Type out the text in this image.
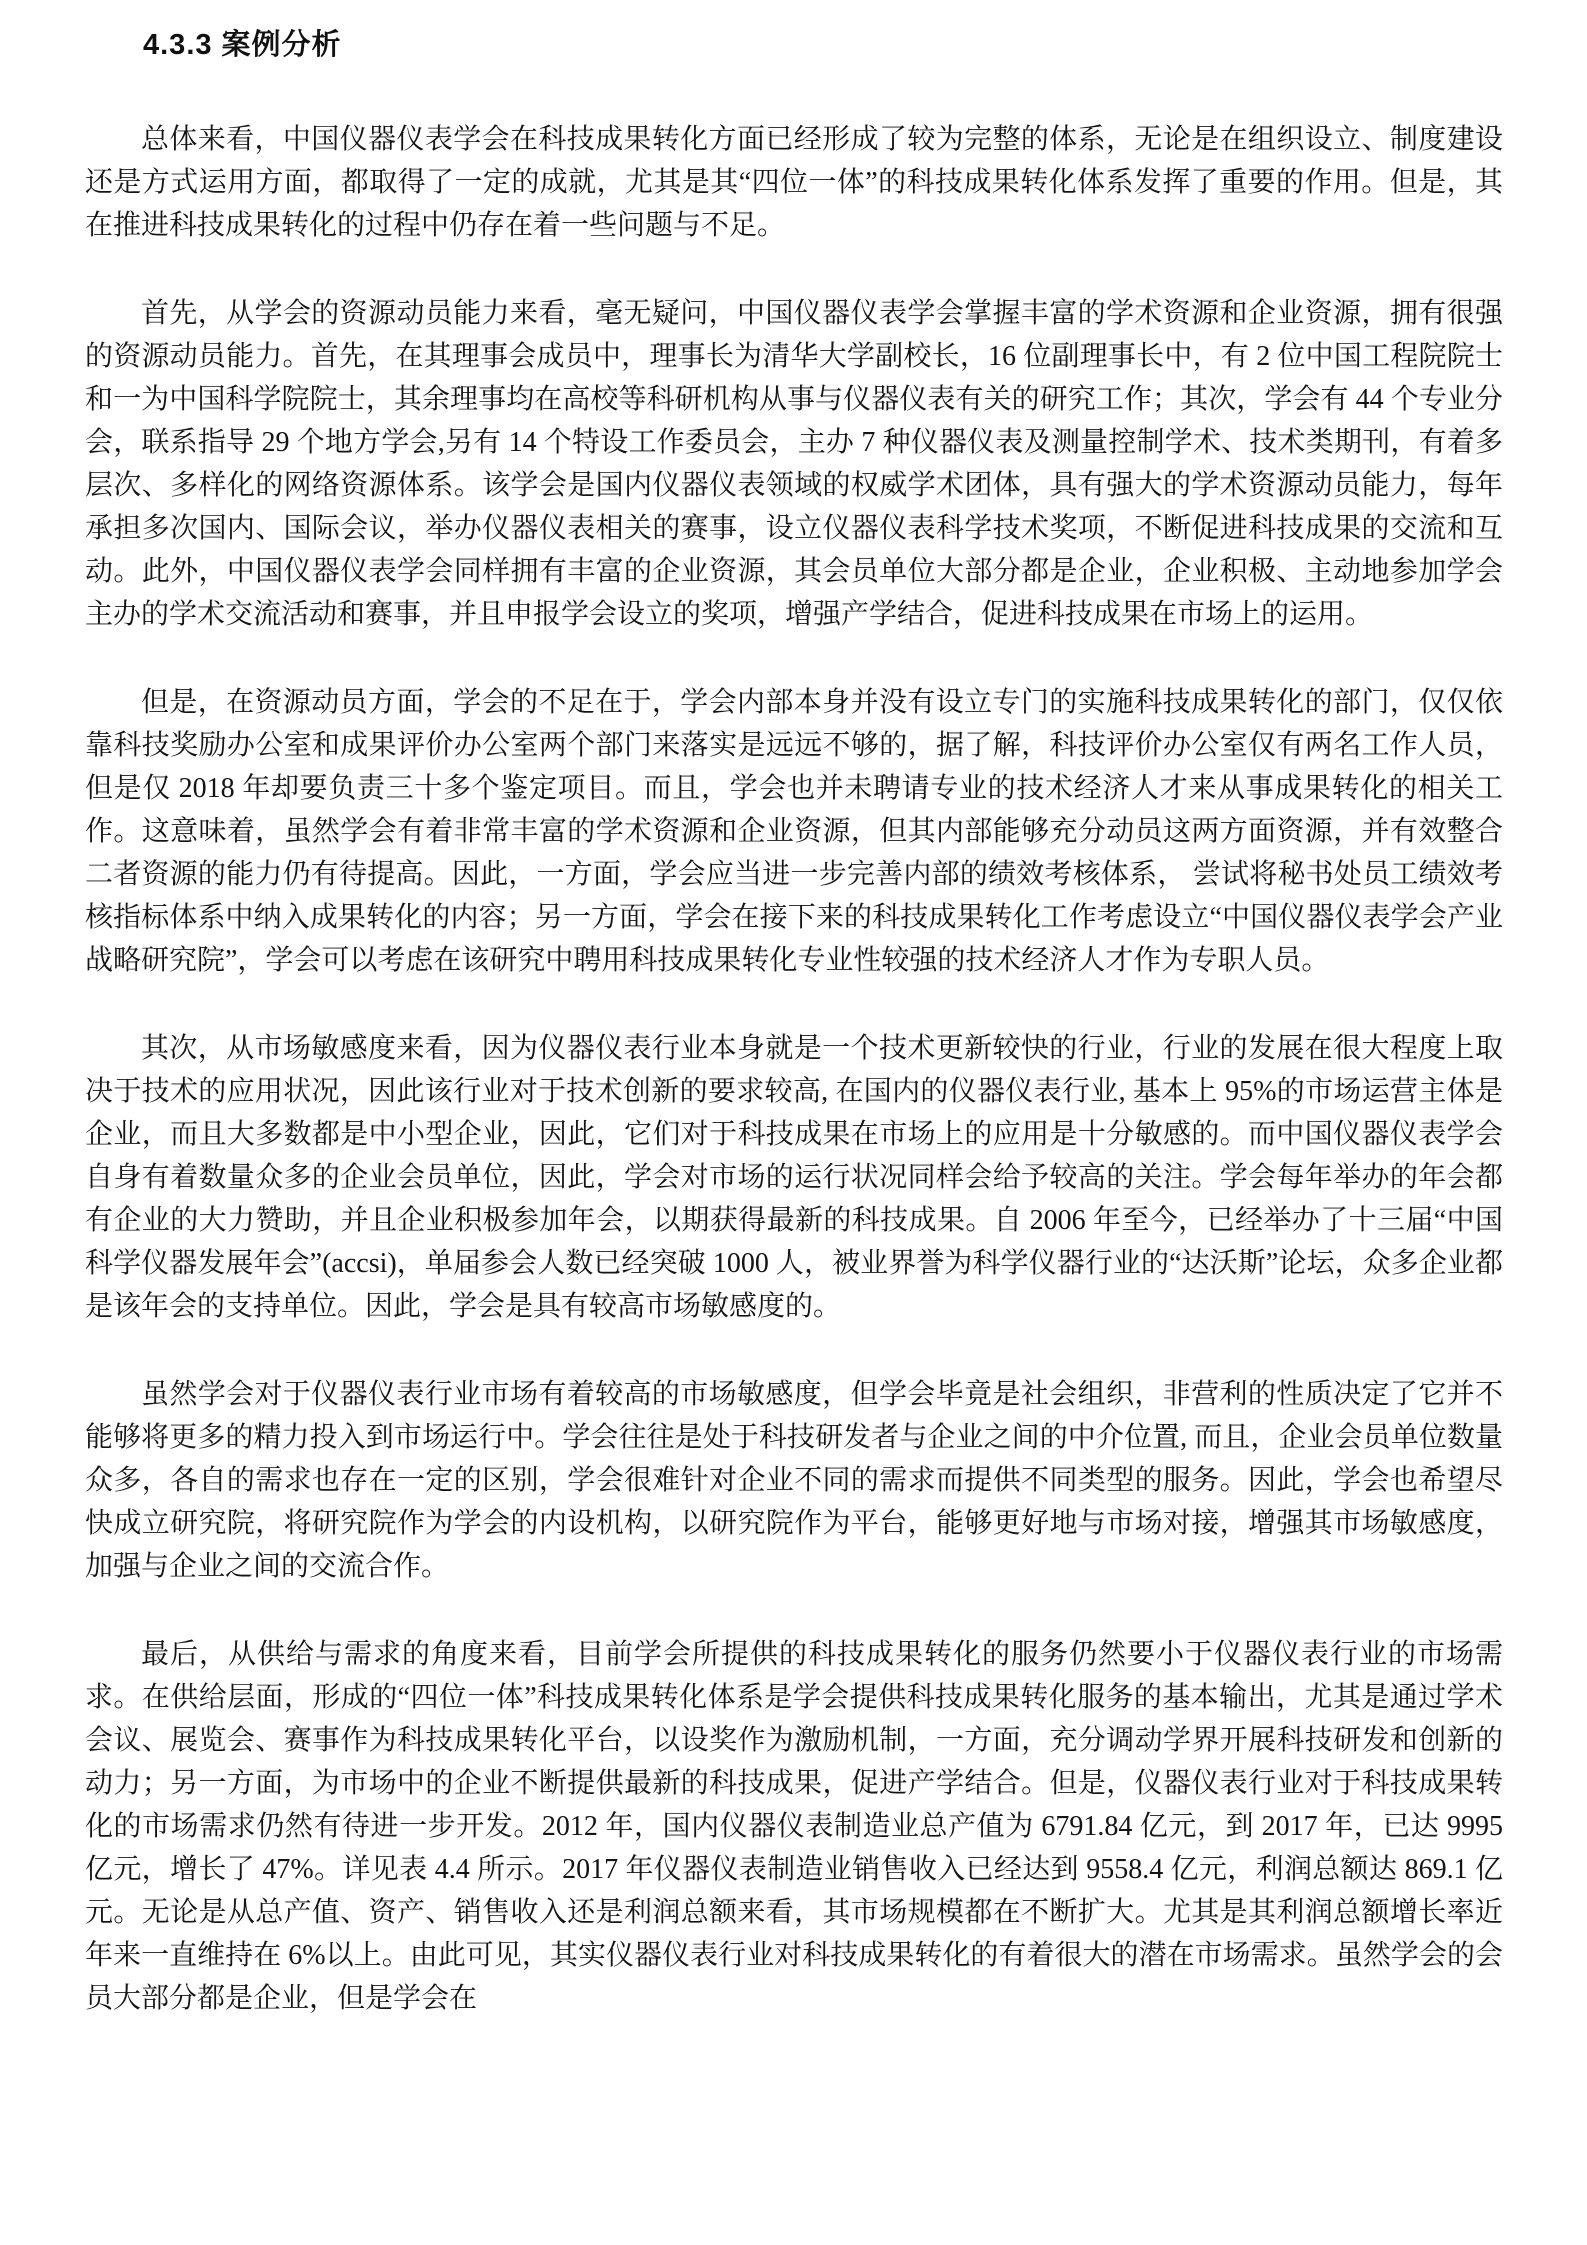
4.3.3 案例分析

总体来看，中国仪器仪表学会在科技成果转化方面已经形成了较为完整的体系，无论是在组织设立、制度建设还是方式运用方面，都取得了一定的成就，尤其是其“四位一体”的科技成果转化体系发挥了重要的作用。但是，其在推进科技成果转化的过程中仍存在着一些问题与不足。

首先，从学会的资源动员能力来看，毫无疑问，中国仪器仪表学会掌握丰富的学术资源和企业资源，拥有很强的资源动员能力。首先，在其理事会成员中，理事长为清华大学副校长，16 位副理事长中，有 2 位中国工程院院士和一为中国科学院院士，其余理事均在高校等科研机构从事与仪器仪表有关的研究工作；其次，学会有 44 个专业分会，联系指导 29 个地方学会,另有 14 个特设工作委员会，主办 7 种仪器仪表及测量控制学术、技术类期刊，有着多层次、多样化的网络资源体系。该学会是国内仪器仪表领域的权威学术团体，具有强大的学术资源动员能力，每年承担多次国内、国际会议，举办仪器仪表相关的赛事，设立仪器仪表科学技术奖项，不断促进科技成果的交流和互动。此外，中国仪器仪表学会同样拥有丰富的企业资源，其会员单位大部分都是企业，企业积极、主动地参加学会主办的学术交流活动和赛事，并且申报学会设立的奖项，增强产学结合，促进科技成果在市场上的运用。

但是，在资源动员方面，学会的不足在于，学会内部本身并没有设立专门的实施科技成果转化的部门，仅仅依靠科技奖励办公室和成果评价办公室两个部门来落实是远远不够的，据了解，科技评价办公室仅有两名工作人员，但是仅 2018 年却要负责三十多个鉴定项目。而且，学会也并未聘请专业的技术经济人才来从事成果转化的相关工作。这意味着，虽然学会有着非常丰富的学术资源和企业资源，但其内部能够充分动员这两方面资源，并有效整合二者资源的能力仍有待提高。因此，一方面，学会应当进一步完善内部的绩效考核体系， 尝试将秘书处员工绩效考核指标体系中纳入成果转化的内容；另一方面，学会在接下来的科技成果转化工作考虑设立“中国仪器仪表学会产业战略研究院”，学会可以考虑在该研究中聘用科技成果转化专业性较强的技术经济人才作为专职人员。

其次，从市场敏感度来看，因为仪器仪表行业本身就是一个技术更新较快的行业，行业的发展在很大程度上取决于技术的应用状况，因此该行业对于技术创新的要求较高, 在国内的仪器仪表行业, 基本上 95%的市场运营主体是企业，而且大多数都是中小型企业，因此，它们对于科技成果在市场上的应用是十分敏感的。而中国仪器仪表学会自身有着数量众多的企业会员单位，因此，学会对市场的运行状况同样会给予较高的关注。学会每年举办的年会都有企业的大力赞助，并且企业积极参加年会，以期获得最新的科技成果。自 2006 年至今，已经举办了十三届“中国科学仪器发展年会”(accsi)，单届参会人数已经突破 1000 人，被业界誉为科学仪器行业的“达沃斯”论坛，众多企业都是该年会的支持单位。因此，学会是具有较高市场敏感度的。

虽然学会对于仪器仪表行业市场有着较高的市场敏感度，但学会毕竟是社会组织，非营利的性质决定了它并不能够将更多的精力投入到市场运行中。学会往往是处于科技研发者与企业之间的中介位置, 而且，企业会员单位数量众多，各自的需求也存在一定的区别，学会很难针对企业不同的需求而提供不同类型的服务。因此，学会也希望尽快成立研究院，将研究院作为学会的内设机构，以研究院作为平台，能够更好地与市场对接，增强其市场敏感度，加强与企业之间的交流合作。

最后，从供给与需求的角度来看，目前学会所提供的科技成果转化的服务仍然要小于仪器仪表行业的市场需求。在供给层面，形成的“四位一体”科技成果转化体系是学会提供科技成果转化服务的基本输出，尤其是通过学术会议、展览会、赛事作为科技成果转化平台，以设奖作为激励机制，一方面，充分调动学界开展科技研发和创新的动力；另一方面，为市场中的企业不断提供最新的科技成果，促进产学结合。但是，仪器仪表行业对于科技成果转化的市场需求仍然有待进一步开发。2012 年，国内仪器仪表制造业总产值为 6791.84 亿元，到 2017 年，已达 9995 亿元，增长了 47%。详见表 4.4 所示。2017 年仪器仪表制造业销售收入已经达到 9558.4 亿元，利润总额达 869.1 亿元。无论是从总产值、资产、销售收入还是利润总额来看，其市场规模都在不断扩大。尤其是其利润总额增长率近年来一直维持在 6%以上。由此可见，其实仪器仪表行业对科技成果转化的有着很大的潜在市场需求。虽然学会的会员大部分都是企业，但是学会在
